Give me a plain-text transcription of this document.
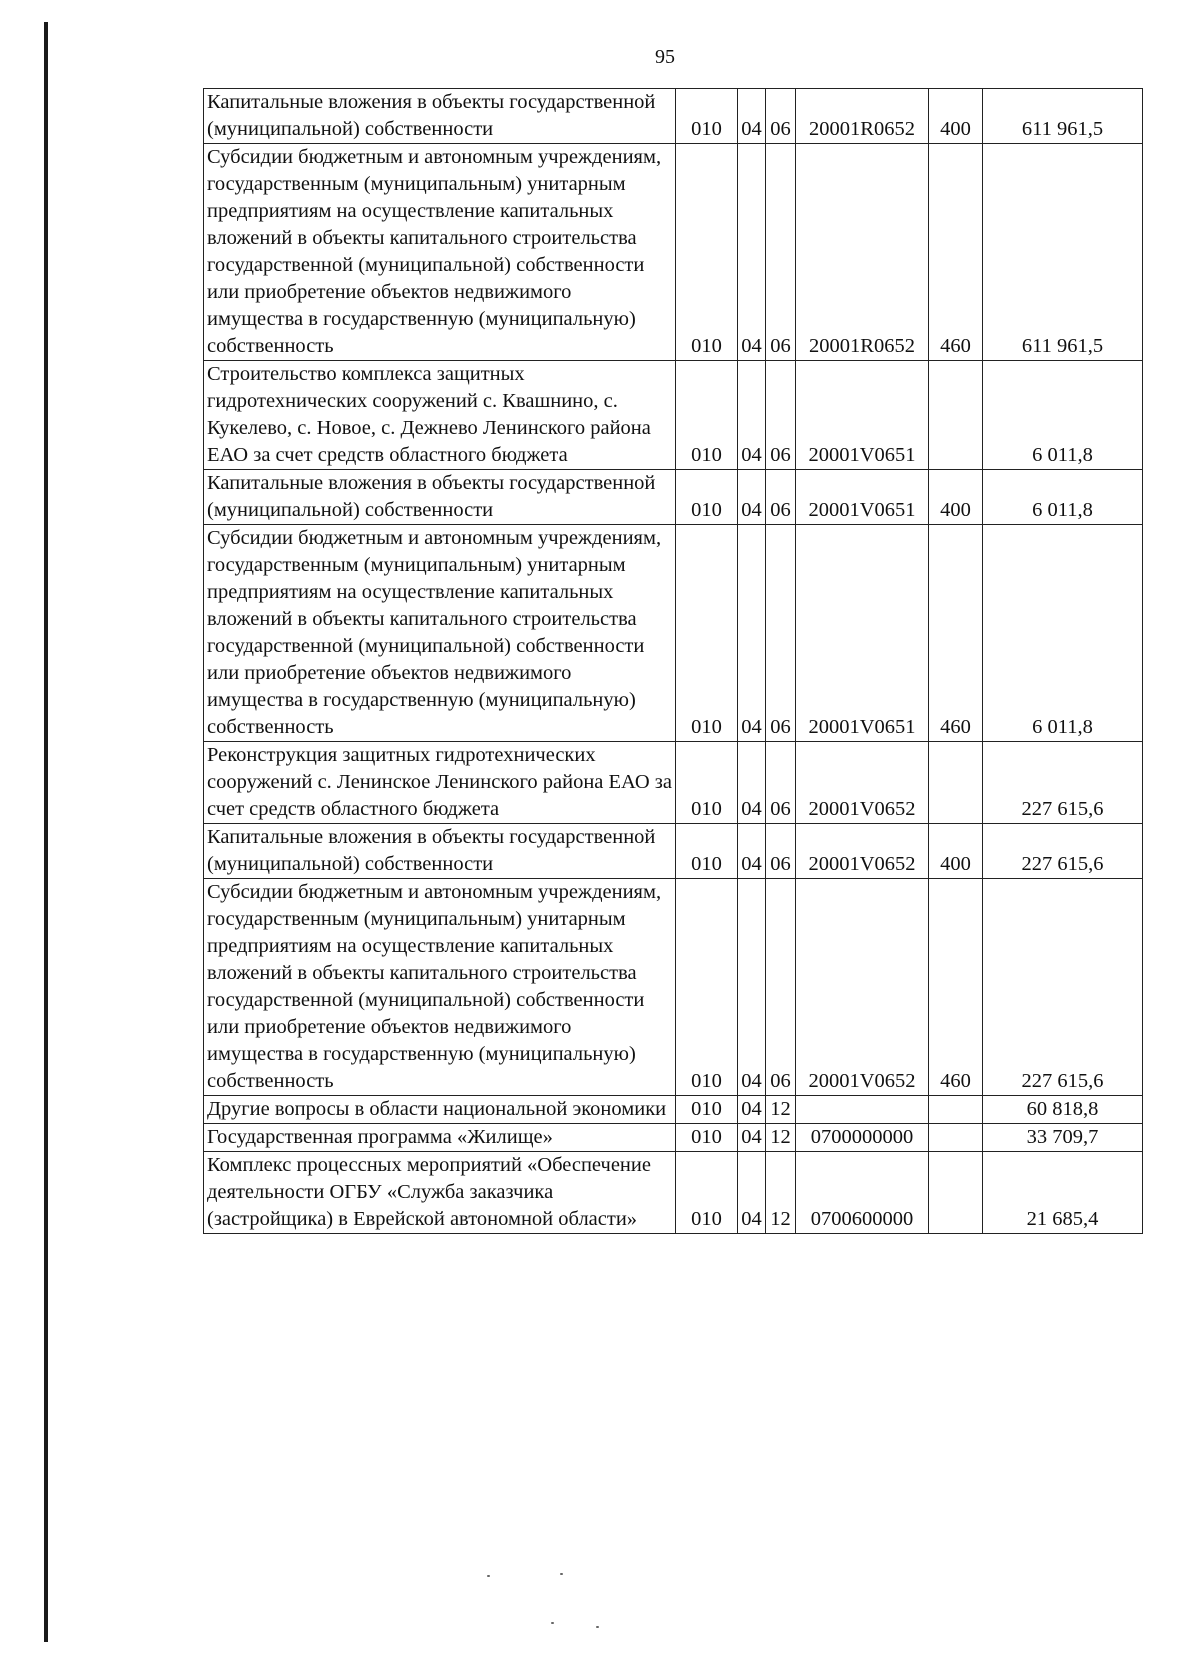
95
Капитальные вложения в объекты государственной (муниципальной) собственности	010	04	06	20001R0652	400	611 961,5
Субсидии бюджетным и автономным учреждениям, государственным (муниципальным) унитарным предприятиям на осуществление капитальных вложений в объекты капитального строительства государственной (муниципальной) собственности или приобретение объектов недвижимого имущества в государственную (муниципальную) собственность	010	04	06	20001R0652	460	611 961,5
Строительство комплекса защитных гидротехнических сооружений с. Квашнино, с. Кукелево, с. Новое, с. Дежнево Ленинского района ЕАО за счет средств областного бюджета	010	04	06	20001V0651		6 011,8
Капитальные вложения в объекты государственной (муниципальной) собственности	010	04	06	20001V0651	400	6 011,8
Субсидии бюджетным и автономным учреждениям, государственным (муниципальным) унитарным предприятиям на осуществление капитальных вложений в объекты капитального строительства государственной (муниципальной) собственности или приобретение объектов недвижимого имущества в государственную (муниципальную) собственность	010	04	06	20001V0651	460	6 011,8
Реконструкция защитных гидротехнических сооружений с. Ленинское Ленинского района ЕАО за счет средств областного бюджета	010	04	06	20001V0652		227 615,6
Капитальные вложения в объекты государственной (муниципальной) собственности	010	04	06	20001V0652	400	227 615,6
Субсидии бюджетным и автономным учреждениям, государственным (муниципальным) унитарным предприятиям на осуществление капитальных вложений в объекты капитального строительства государственной (муниципальной) собственности или приобретение объектов недвижимого имущества в государственную (муниципальную) собственность	010	04	06	20001V0652	460	227 615,6
Другие вопросы в области национальной экономики	010	04	12			60 818,8
Государственная программа «Жилище»	010	04	12	0700000000		33 709,7
Комплекс процессных мероприятий «Обеспечение деятельности ОГБУ «Служба заказчика (застройщика) в Еврейской автономной области»	010	04	12	0700600000		21 685,4
